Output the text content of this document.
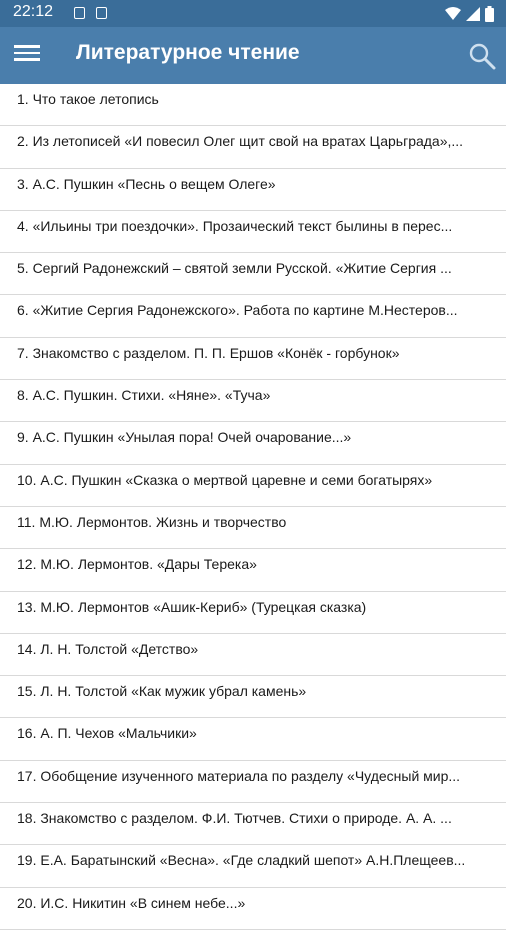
22:12
Литературное чтение
1. Что такое летопись
2. Из летописей «И повесил Олег щит свой на вратах Царьграда»,...
3. А.С. Пушкин «Песнь о вещем Олеге»
4. «Ильины три поездочки». Прозаический текст былины в перес...
5. Сергий Радонежский – святой земли Русской. «Житие Сергия ...
6. «Житие Сергия Радонежского». Работа по картине М.Нестеров...
7. Знакомство с разделом. П. П. Ершов «Конёк - горбунок»
8. А.С. Пушкин. Стихи. «Няне». «Туча»
9. А.С. Пушкин «Унылая пора! Очей очарование...»
10. А.С. Пушкин «Сказка о мертвой царевне и семи богатырях»
11. М.Ю. Лермонтов. Жизнь и творчество
12. М.Ю. Лермонтов. «Дары Терека»
13. М.Ю. Лермонтов «Ашик-Кериб» (Турецкая сказка)
14. Л. Н. Толстой «Детство»
15. Л. Н. Толстой «Как мужик убрал камень»
16. А. П. Чехов «Мальчики»
17. Обобщение изученного материала по разделу «Чудесный мир...
18. Знакомство с разделом. Ф.И. Тютчев. Стихи о природе. А. А. ...
19. Е.А. Баратынский «Весна». «Где сладкий шепот» А.Н.Плещеев...
20. И.С. Никитин «В синем небе...»
